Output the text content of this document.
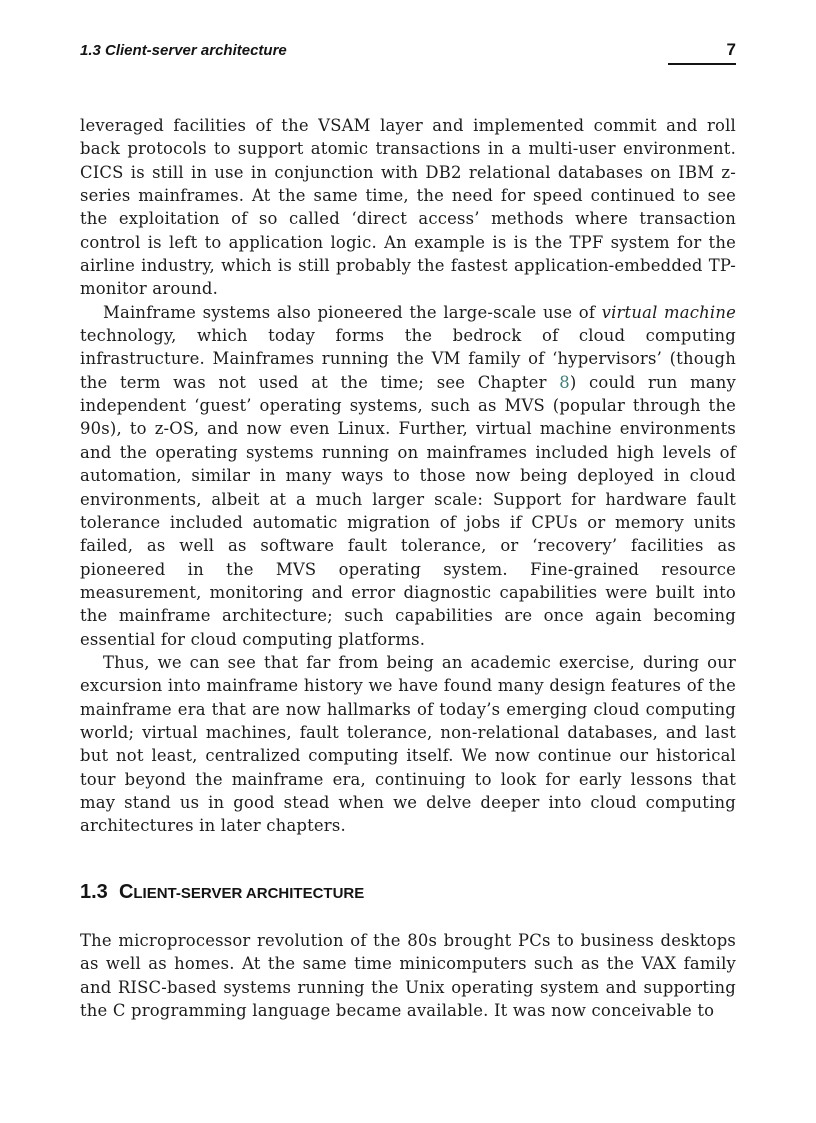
1.3 Client-server architecture	7

leveraged facilities of the VSAM layer and implemented commit and roll back protocols to support atomic transactions in a multi-user environment. CICS is still in use in conjunction with DB2 relational databases on IBM z-series mainframes. At the same time, the need for speed continued to see the exploitation of so called ‘direct access’ methods where transaction control is left to application logic. An example is is the TPF system for the airline industry, which is still probably the fastest application-embedded TP-monitor around.

Mainframe systems also pioneered the large-scale use of virtual machine technology, which today forms the bedrock of cloud computing infrastructure. Mainframes running the VM family of ‘hypervisors’ (though the term was not used at the time; see Chapter 8) could run many independent ‘guest’ operating systems, such as MVS (popular through the 90s), to z-OS, and now even Linux. Further, virtual machine environments and the operating systems running on mainframes included high levels of automation, similar in many ways to those now being deployed in cloud environments, albeit at a much larger scale: Support for hardware fault tolerance included automatic migration of jobs if CPUs or memory units failed, as well as software fault tolerance, or ‘recovery’ facilities as pioneered in the MVS operating system. Fine-grained resource measurement, monitoring and error diagnostic capabilities were built into the mainframe architecture; such capabilities are once again becoming essential for cloud computing platforms.

Thus, we can see that far from being an academic exercise, during our excursion into mainframe history we have found many design features of the mainframe era that are now hallmarks of today’s emerging cloud computing world; virtual machines, fault tolerance, non-relational databases, and last but not least, centralized computing itself. We now continue our historical tour beyond the mainframe era, continuing to look for early lessons that may stand us in good stead when we delve deeper into cloud computing architectures in later chapters.

1.3 CLIENT-SERVER ARCHITECTURE

The microprocessor revolution of the 80s brought PCs to business desktops as well as homes. At the same time minicomputers such as the VAX family and RISC-based systems running the Unix operating system and supporting the C programming language became available. It was now conceivable to
